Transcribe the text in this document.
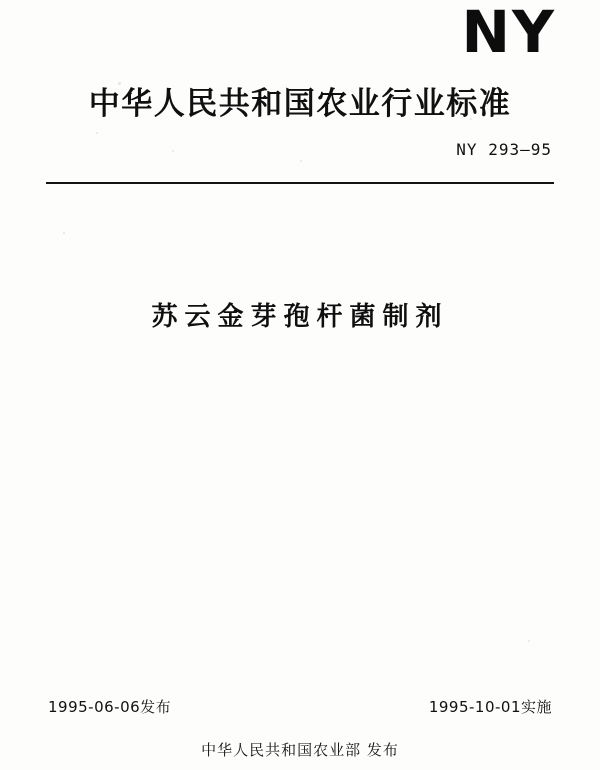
NY
中华人民共和国农业行业标准
NY 293—95
苏云金芽孢杆菌制剂
1995-06-06发布	1995-10-01实施
中华人民共和国农业部 发布
